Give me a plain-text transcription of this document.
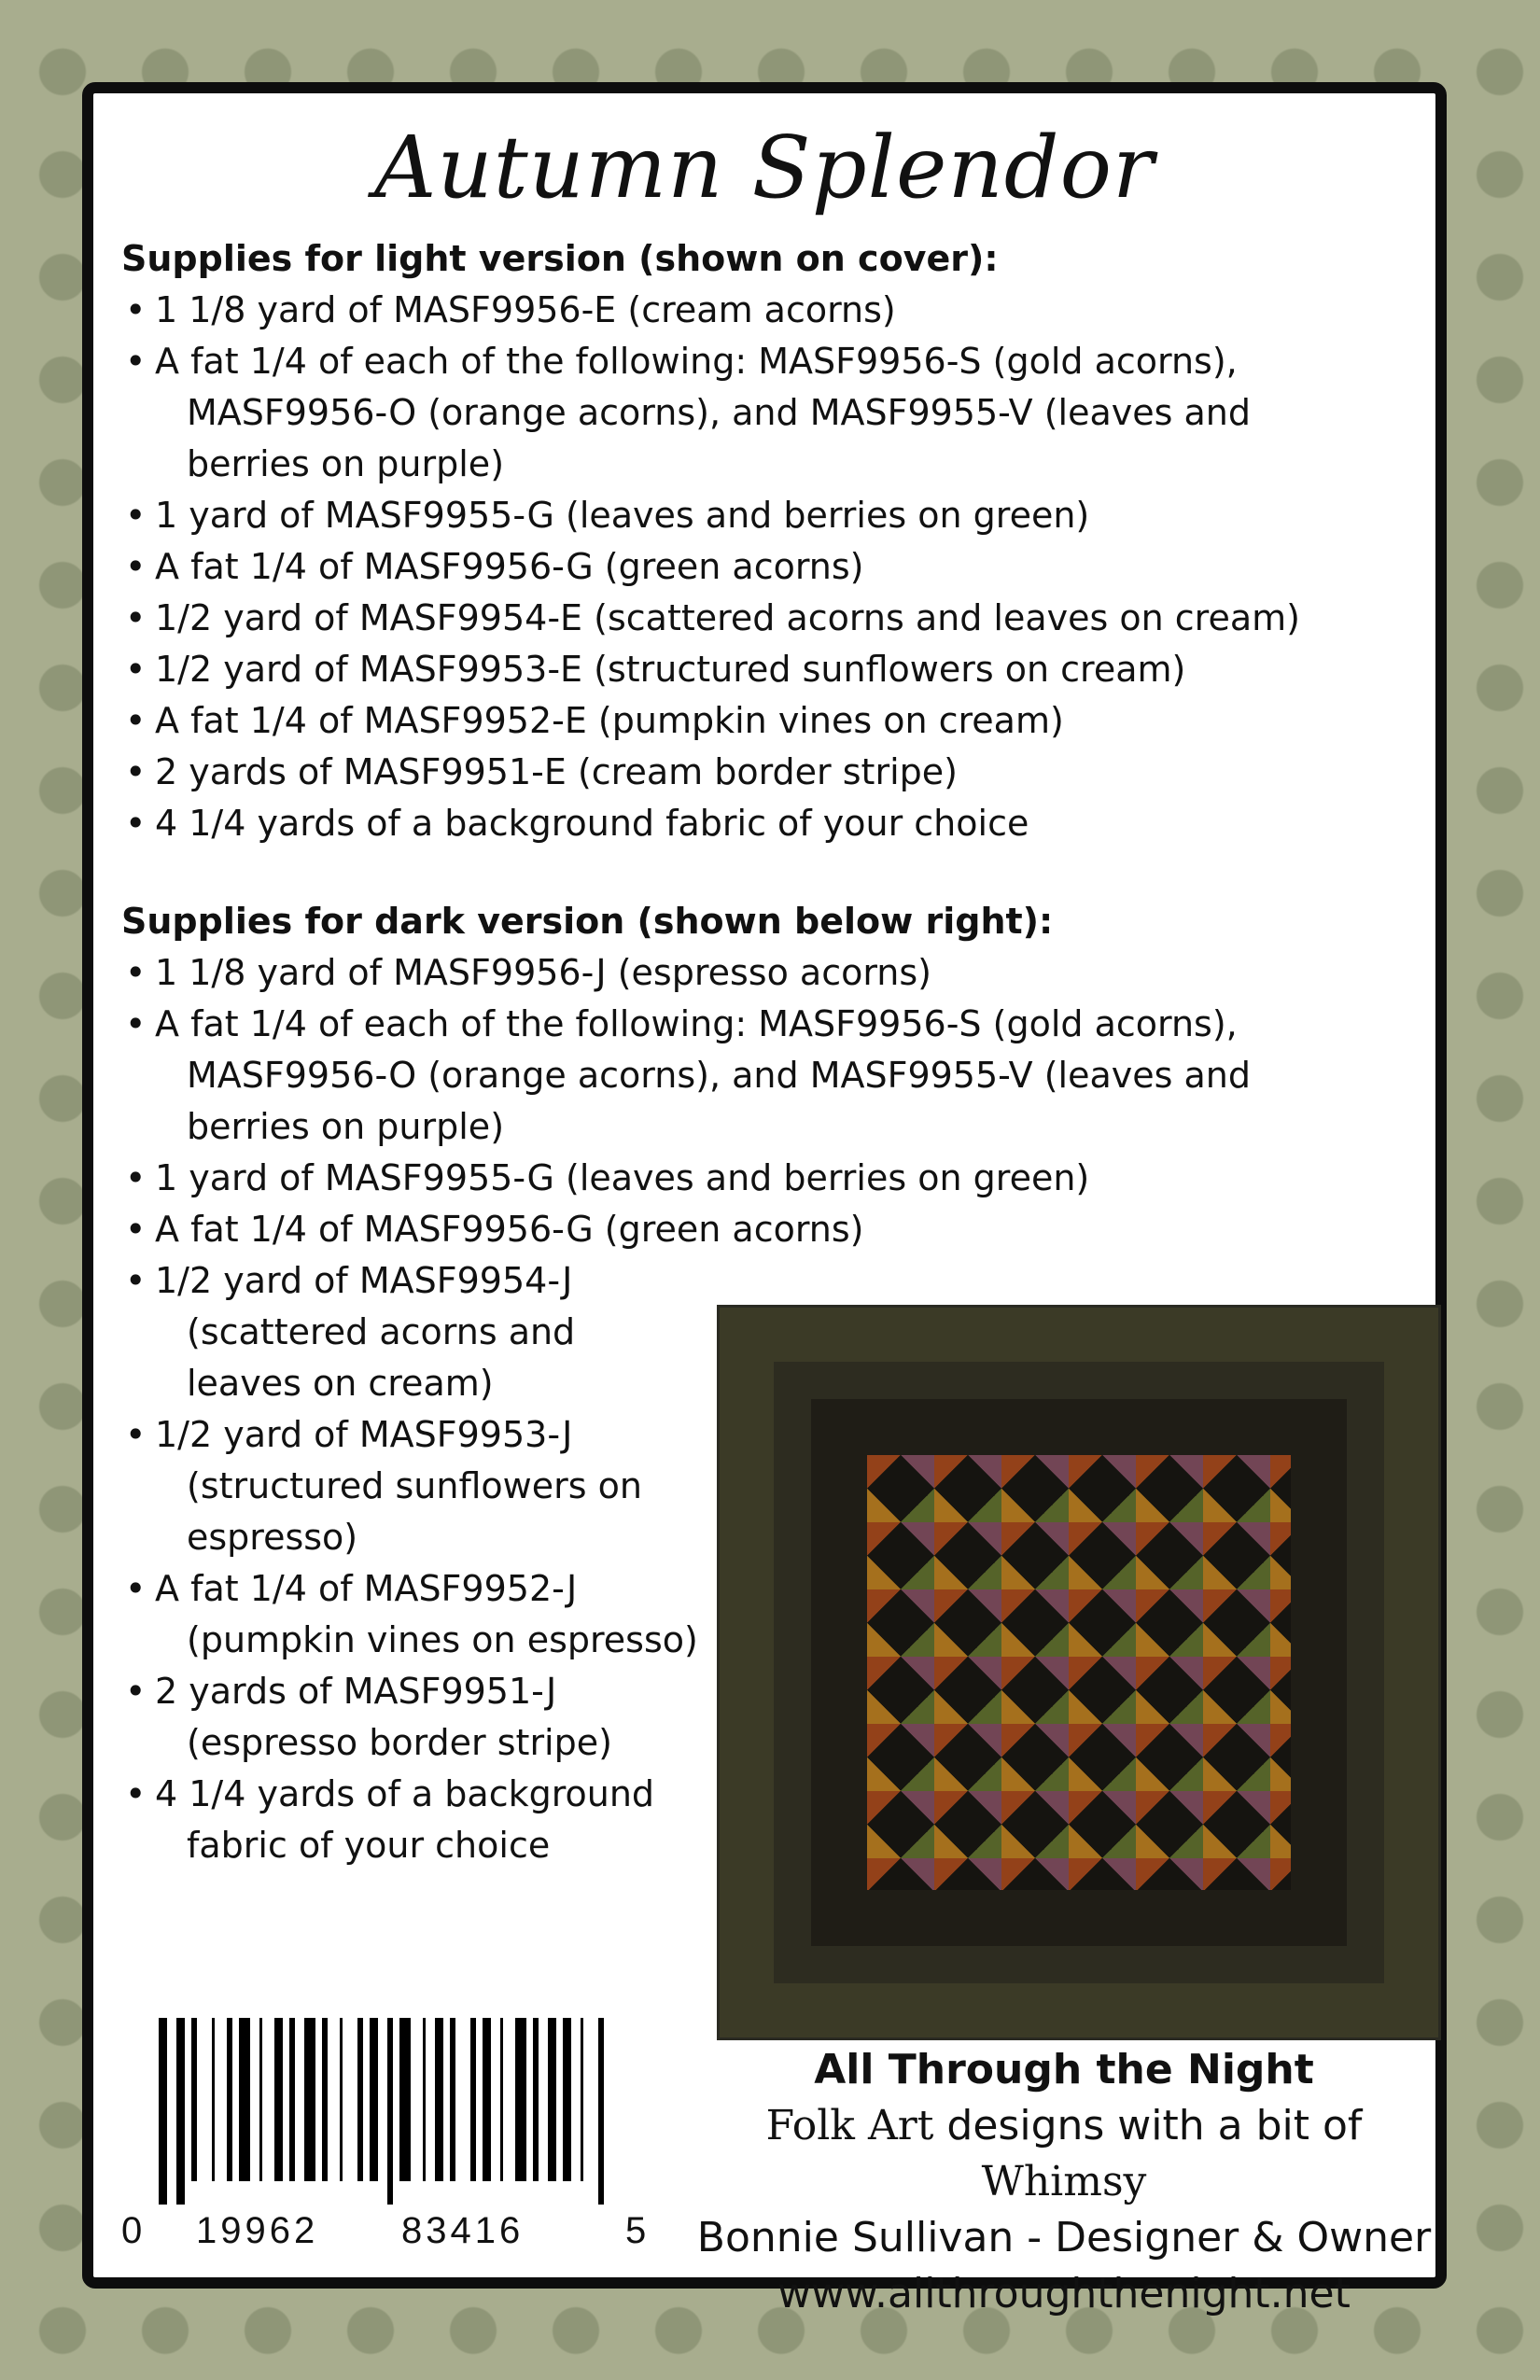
Autumn Splendor
Supplies for light version (shown on cover):
• 1 1/8 yard of MASF9956-E (cream acorns)
• A fat 1/4 of each of the following: MASF9956-S (gold acorns),
MASF9956-O (orange acorns), and MASF9955-V (leaves and
berries on purple)
• 1 yard of MASF9955-G (leaves and berries on green)
• A fat 1/4 of MASF9956-G (green acorns)
• 1/2 yard of MASF9954-E (scattered acorns and leaves on cream)
• 1/2 yard of MASF9953-E (structured sunflowers on cream)
• A fat 1/4 of MASF9952-E (pumpkin vines on cream)
• 2 yards of MASF9951-E (cream border stripe)
• 4 1/4 yards of a background fabric of your choice
Supplies for dark version (shown below right):
• 1 1/8 yard of MASF9956-J (espresso acorns)
• A fat 1/4 of each of the following: MASF9956-S (gold acorns),
MASF9956-O (orange acorns), and MASF9955-V (leaves and
berries on purple)
• 1 yard of MASF9955-G (leaves and berries on green)
• A fat 1/4 of MASF9956-G (green acorns)
• 1/2 yard of MASF9954-J
(scattered acorns and
leaves on cream)
• 1/2 yard of MASF9953-J
(structured sunflowers on
espresso)
• A fat 1/4 of MASF9952-J
(pumpkin vines on espresso)
• 2 yards of MASF9951-J
(espresso border stripe)
• 4 1/4 yards of a background
fabric of your choice
0 19962 83416	5
All Through the Night
Folk Art designs with a bit of Whimsy
Bonnie Sullivan - Designer & Owner
www.allthroughthenight.net
